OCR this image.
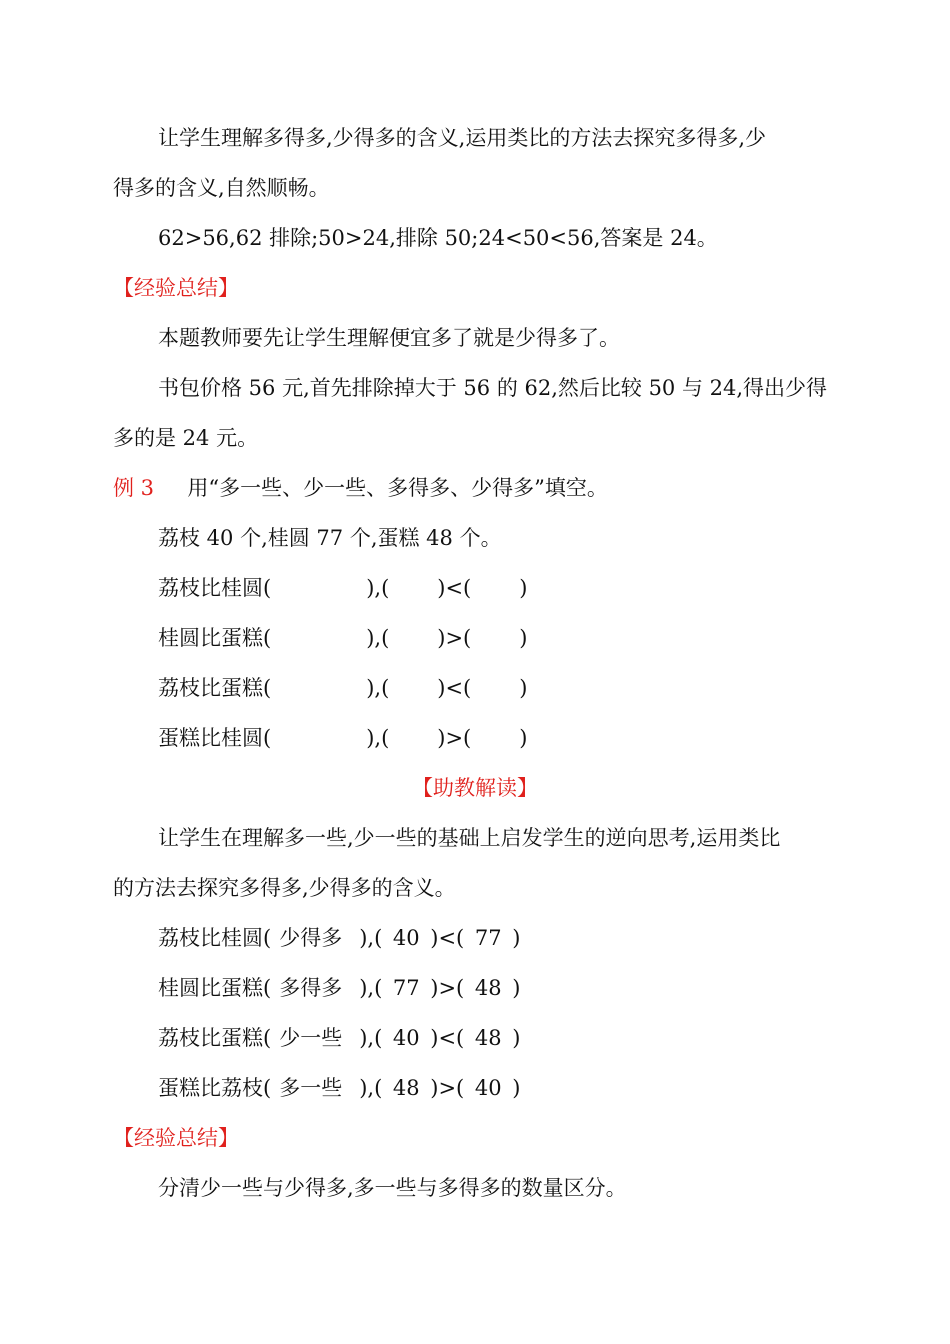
让学生理解多得多,少得多的含义,运用类比的方法去探究多得多,少
得多的含义,自然顺畅。
62>56,62 排除;50>24,排除 50;24<50<56,答案是 24。
【经验总结】
本题教师要先让学生理解便宜多了就是少得多了。
书包价格 56 元,首先排除掉大于 56 的 62,然后比较 50 与 24,得出少得
多的是 24 元。
例 3 用“多一些、少一些、多得多、少得多”填空。
荔枝 40 个,桂圆 77 个,蛋糕 48 个。
荔枝比桂圆(	),( )<( )
桂圆比蛋糕(	),( )>( )
荔枝比蛋糕(	),( )<( )
蛋糕比桂圆(	),( )>( )
【助教解读】
让学生在理解多一些,少一些的基础上启发学生的逆向思考,运用类比
的方法去探究多得多,少得多的含义。
荔枝比桂圆( 少得多 ),( 40 )<( 77 )
桂圆比蛋糕( 多得多 ),( 77 )>( 48 )
荔枝比蛋糕( 少一些 ),( 40 )<( 48 )
蛋糕比荔枝( 多一些 ),( 48 )>( 40 )
【经验总结】
分清少一些与少得多,多一些与多得多的数量区分。
